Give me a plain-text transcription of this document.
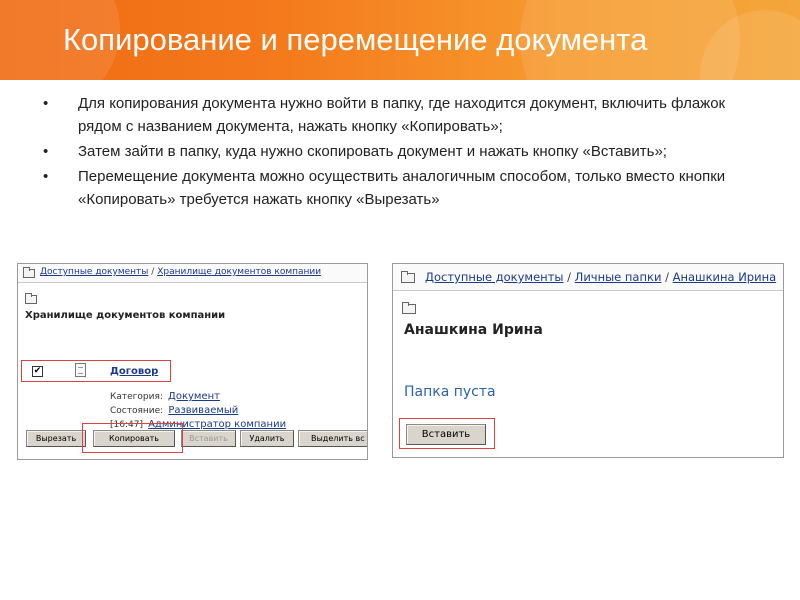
Копирование и перемещение документа
• Для копирования документа нужно войти в папку, где находится документ, включить флажок рядом с названием документа, нажать кнопку «Копировать»;
• Затем зайти в папку, куда нужно скопировать документ и нажать кнопку «Вставить»;
• Перемещение документа можно осуществить аналогичным способом, только вместо кнопки «Копировать» требуется нажать кнопку «Вырезать»
Доступные документы / Хранилище документов компании
Хранилище документов компании
✔	Договор
Категория: Документ
Состояние: Развиваемый
[16:47] Администратор компании
Вырезать	Копировать	Вставить	Удалить	Выделить вс
Доступные документы / Личные папки / Анашкина Ирина
Анашкина Ирина
Папка пуста
Вставить
